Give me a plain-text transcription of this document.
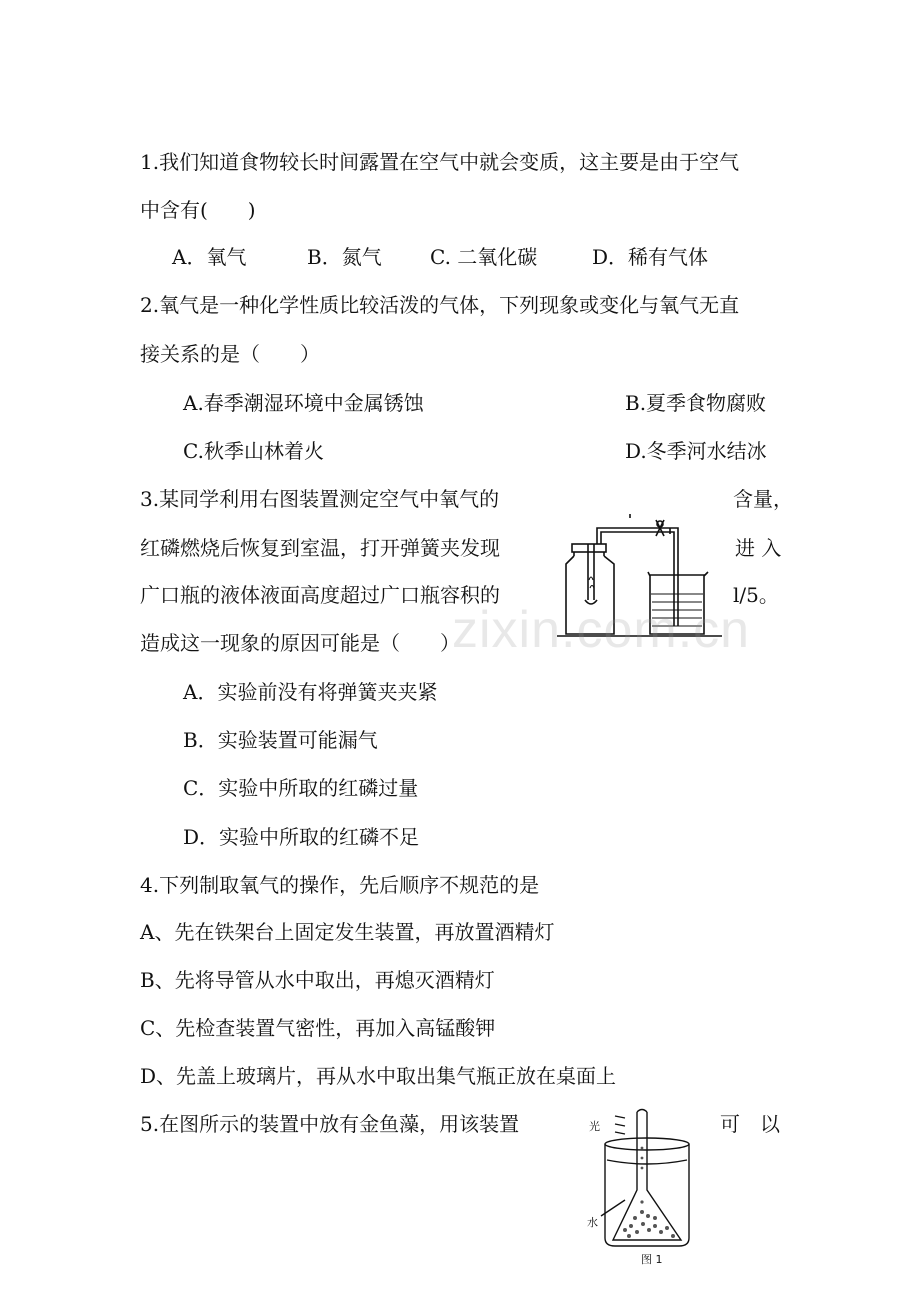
1.我们知道食物较长时间露置在空气中就会变质，这主要是由于空气
中含有(　　)
A．氧气	B．氮气 C. 二氧化碳	D．稀有气体
2.氧气是一种化学性质比较活泼的气体，下列现象或变化与氧气无直
接关系的是（　　）
A.春季潮湿环境中金属锈蚀	B.夏季食物腐败
C.秋季山林着火	D.冬季河水结冰
3.某同学利用右图装置测定空气中氧气的	含量，
红磷燃烧后恢复到室温，打开弹簧夹发现	进 入
广口瓶的液体液面高度超过广口瓶容积的	l/5。
造成这一现象的原因可能是（　　）
A．实验前没有将弹簧夹夹紧
B．实验装置可能漏气
C．实验中所取的红磷过量
D．实验中所取的红磷不足
4.下列制取氧气的操作，先后顺序不规范的是
A、先在铁架台上固定发生装置，再放置酒精灯
B、先将导管从水中取出，再熄灭酒精灯
C、先检查装置气密性，再加入高锰酸钾
D、先盖上玻璃片，再从水中取出集气瓶正放在桌面上
5.在图所示的装置中放有金鱼藻，用该装置	可　以
光
水
图 1
zixin.com.cn
